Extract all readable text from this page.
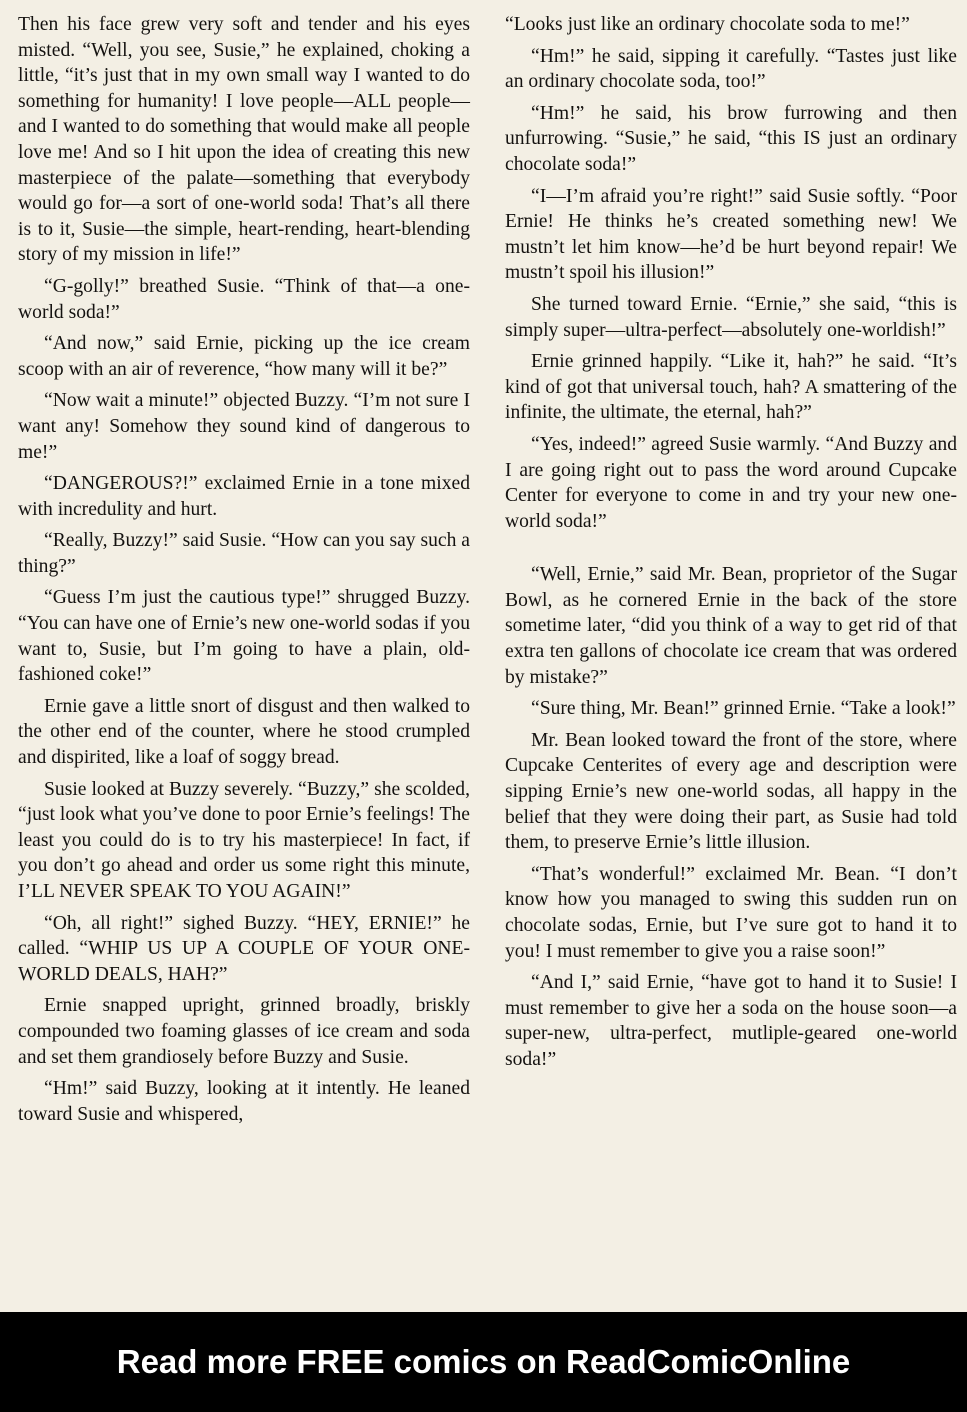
Then his face grew very soft and tender and his eyes misted. “Well, you see, Susie,” he explained, choking a little, “it’s just that in my own small way I wanted to do something for humanity! I love people—ALL people—and I wanted to do something that would make all people love me! And so I hit upon the idea of creating this new masterpiece of the palate—something that everybody would go for—a sort of one-world soda! That’s all there is to it, Susie—the simple, heart-rending, heart-blending story of my mission in life!”

“G-golly!” breathed Susie. “Think of that—a one-world soda!”

“And now,” said Ernie, picking up the ice cream scoop with an air of reverence, “how many will it be?”

“Now wait a minute!” objected Buzzy. “I’m not sure I want any! Somehow they sound kind of dangerous to me!”

“DANGEROUS?!” exclaimed Ernie in a tone mixed with incredulity and hurt.

“Really, Buzzy!” said Susie. “How can you say such a thing?”

“Guess I’m just the cautious type!” shrugged Buzzy. “You can have one of Ernie’s new one-world sodas if you want to, Susie, but I’m going to have a plain, old-fashioned coke!”

Ernie gave a little snort of disgust and then walked to the other end of the counter, where he stood crumpled and dispirited, like a loaf of soggy bread.

Susie looked at Buzzy severely. “Buzzy,” she scolded, “just look what you’ve done to poor Ernie’s feelings! The least you could do is to try his masterpiece! In fact, if you don’t go ahead and order us some right this minute, I’LL NEVER SPEAK TO YOU AGAIN!”

“Oh, all right!” sighed Buzzy. “HEY, ERNIE!” he called. “WHIP US UP A COUPLE OF YOUR ONE-WORLD DEALS, HAH?”

Ernie snapped upright, grinned broadly, briskly compounded two foaming glasses of ice cream and soda and set them grandiosely before Buzzy and Susie.

“Hm!” said Buzzy, looking at it intently. He leaned toward Susie and whispered,

“Looks just like an ordinary chocolate soda to me!”

“Hm!” he said, sipping it carefully. “Tastes just like an ordinary chocolate soda, too!”

“Hm!” he said, his brow furrowing and then unfurrowing. “Susie,” he said, “this IS just an ordinary chocolate soda!”

“I—I’m afraid you’re right!” said Susie softly. “Poor Ernie! He thinks he’s created something new! We mustn’t let him know—he’d be hurt beyond repair! We mustn’t spoil his illusion!”

She turned toward Ernie. “Ernie,” she said, “this is simply super—ultra-perfect—absolutely one-worldish!”

Ernie grinned happily. “Like it, hah?” he said. “It’s kind of got that universal touch, hah? A smattering of the infinite, the ultimate, the eternal, hah?”

“Yes, indeed!” agreed Susie warmly. “And Buzzy and I are going right out to pass the word around Cupcake Center for everyone to come in and try your new one-world soda!”

“Well, Ernie,” said Mr. Bean, proprietor of the Sugar Bowl, as he cornered Ernie in the back of the store sometime later, “did you think of a way to get rid of that extra ten gallons of chocolate ice cream that was ordered by mistake?”

“Sure thing, Mr. Bean!” grinned Ernie. “Take a look!”

Mr. Bean looked toward the front of the store, where Cupcake Centerites of every age and description were sipping Ernie’s new one-world sodas, all happy in the belief that they were doing their part, as Susie had told them, to preserve Ernie’s little illusion.

“That’s wonderful!” exclaimed Mr. Bean. “I don’t know how you managed to swing this sudden run on chocolate sodas, Ernie, but I’ve sure got to hand it to you! I must remember to give you a raise soon!”

“And I,” said Ernie, “have got to hand it to Susie! I must remember to give her a soda on the house soon—a super-new, ultra-perfect, mutliple-geared one-world soda!”

Read more FREE comics on ReadComicOnline
